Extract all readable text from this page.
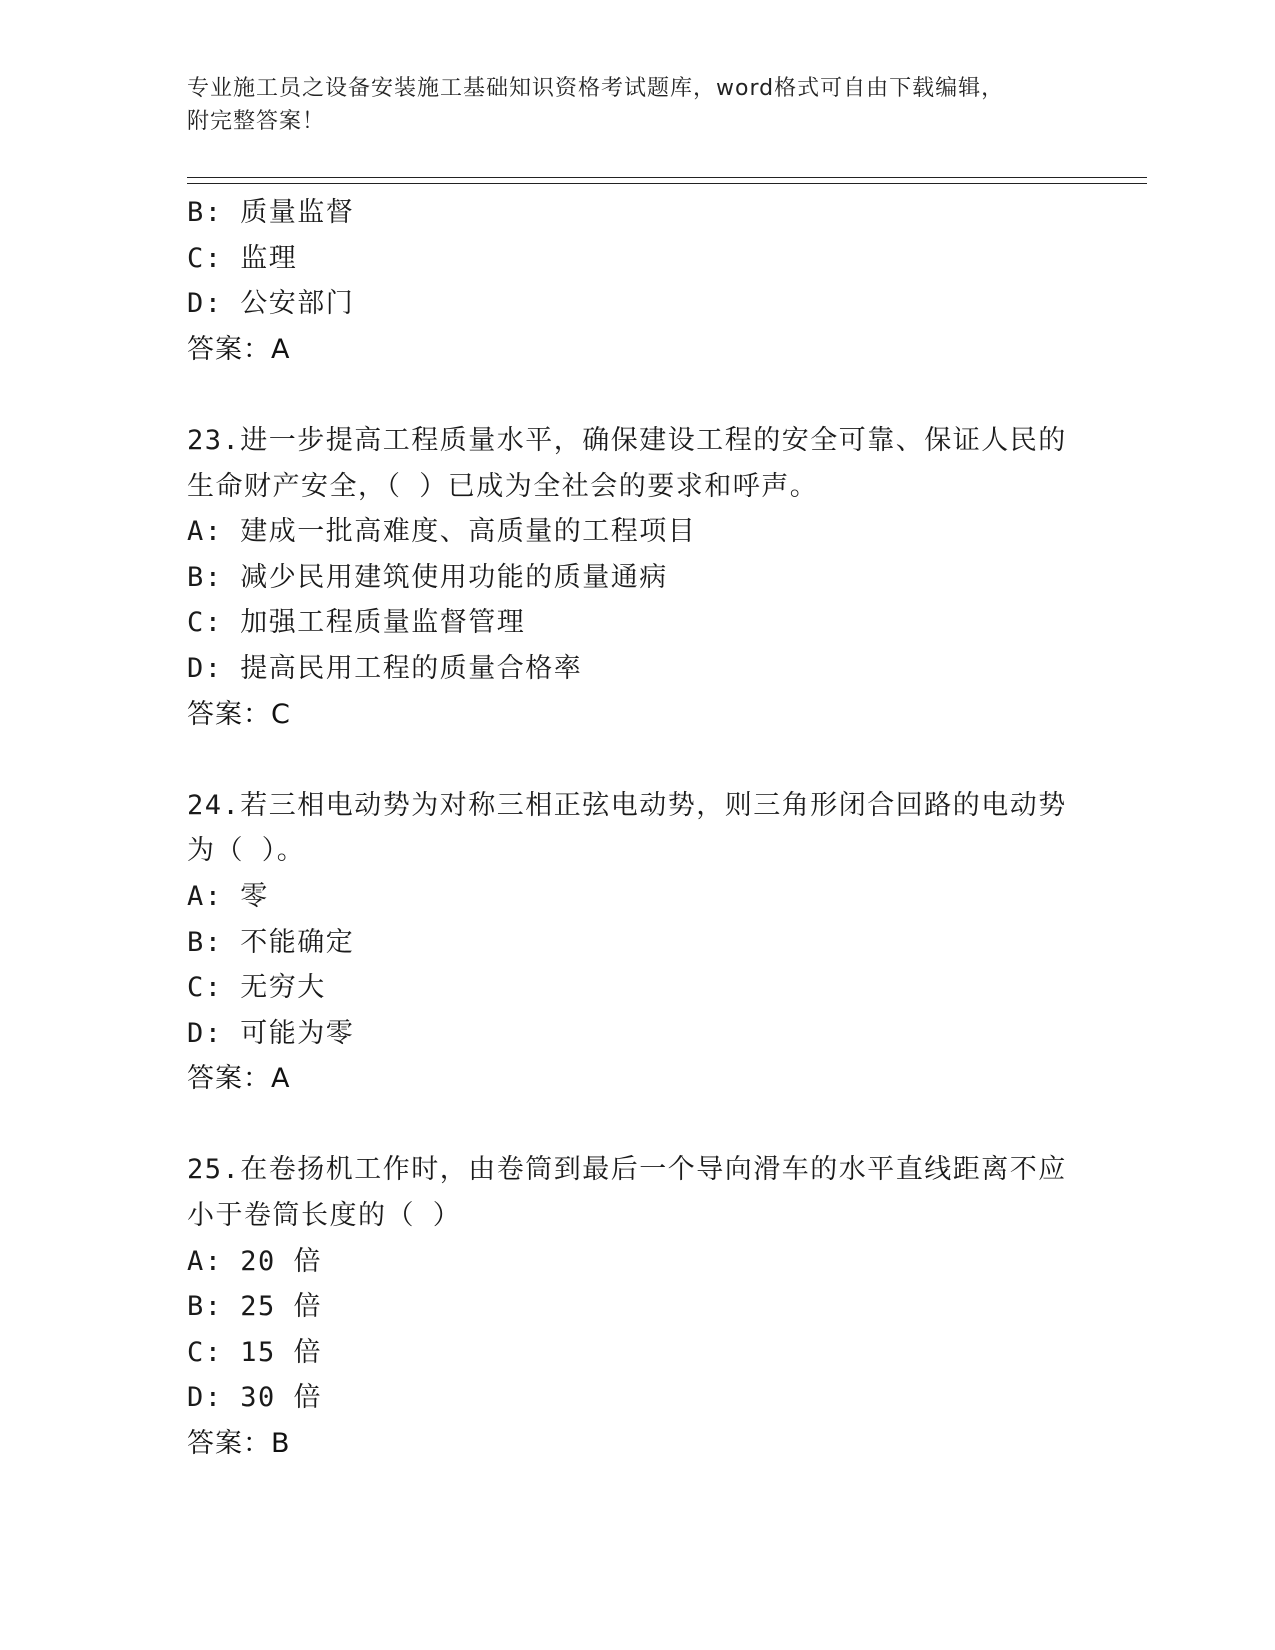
专业施工员之设备安装施工基础知识资格考试题库，word格式可自由下载编辑，
附完整答案！
B: 质量监督
C: 监理
D: 公安部门
答案：A
23.进一步提高工程质量水平，确保建设工程的安全可靠、保证人民的
生命财产安全，（ ）已成为全社会的要求和呼声。
A: 建成一批高难度、高质量的工程项目
B: 减少民用建筑使用功能的质量通病
C: 加强工程质量监督管理
D: 提高民用工程的质量合格率
答案：C
24.若三相电动势为对称三相正弦电动势，则三角形闭合回路的电动势
为（ ）。
A: 零
B: 不能确定
C: 无穷大
D: 可能为零
答案：A
25.在卷扬机工作时，由卷筒到最后一个导向滑车的水平直线距离不应
小于卷筒长度的（ ）
A: 20 倍
B: 25 倍
C: 15 倍
D: 30 倍
答案：B
